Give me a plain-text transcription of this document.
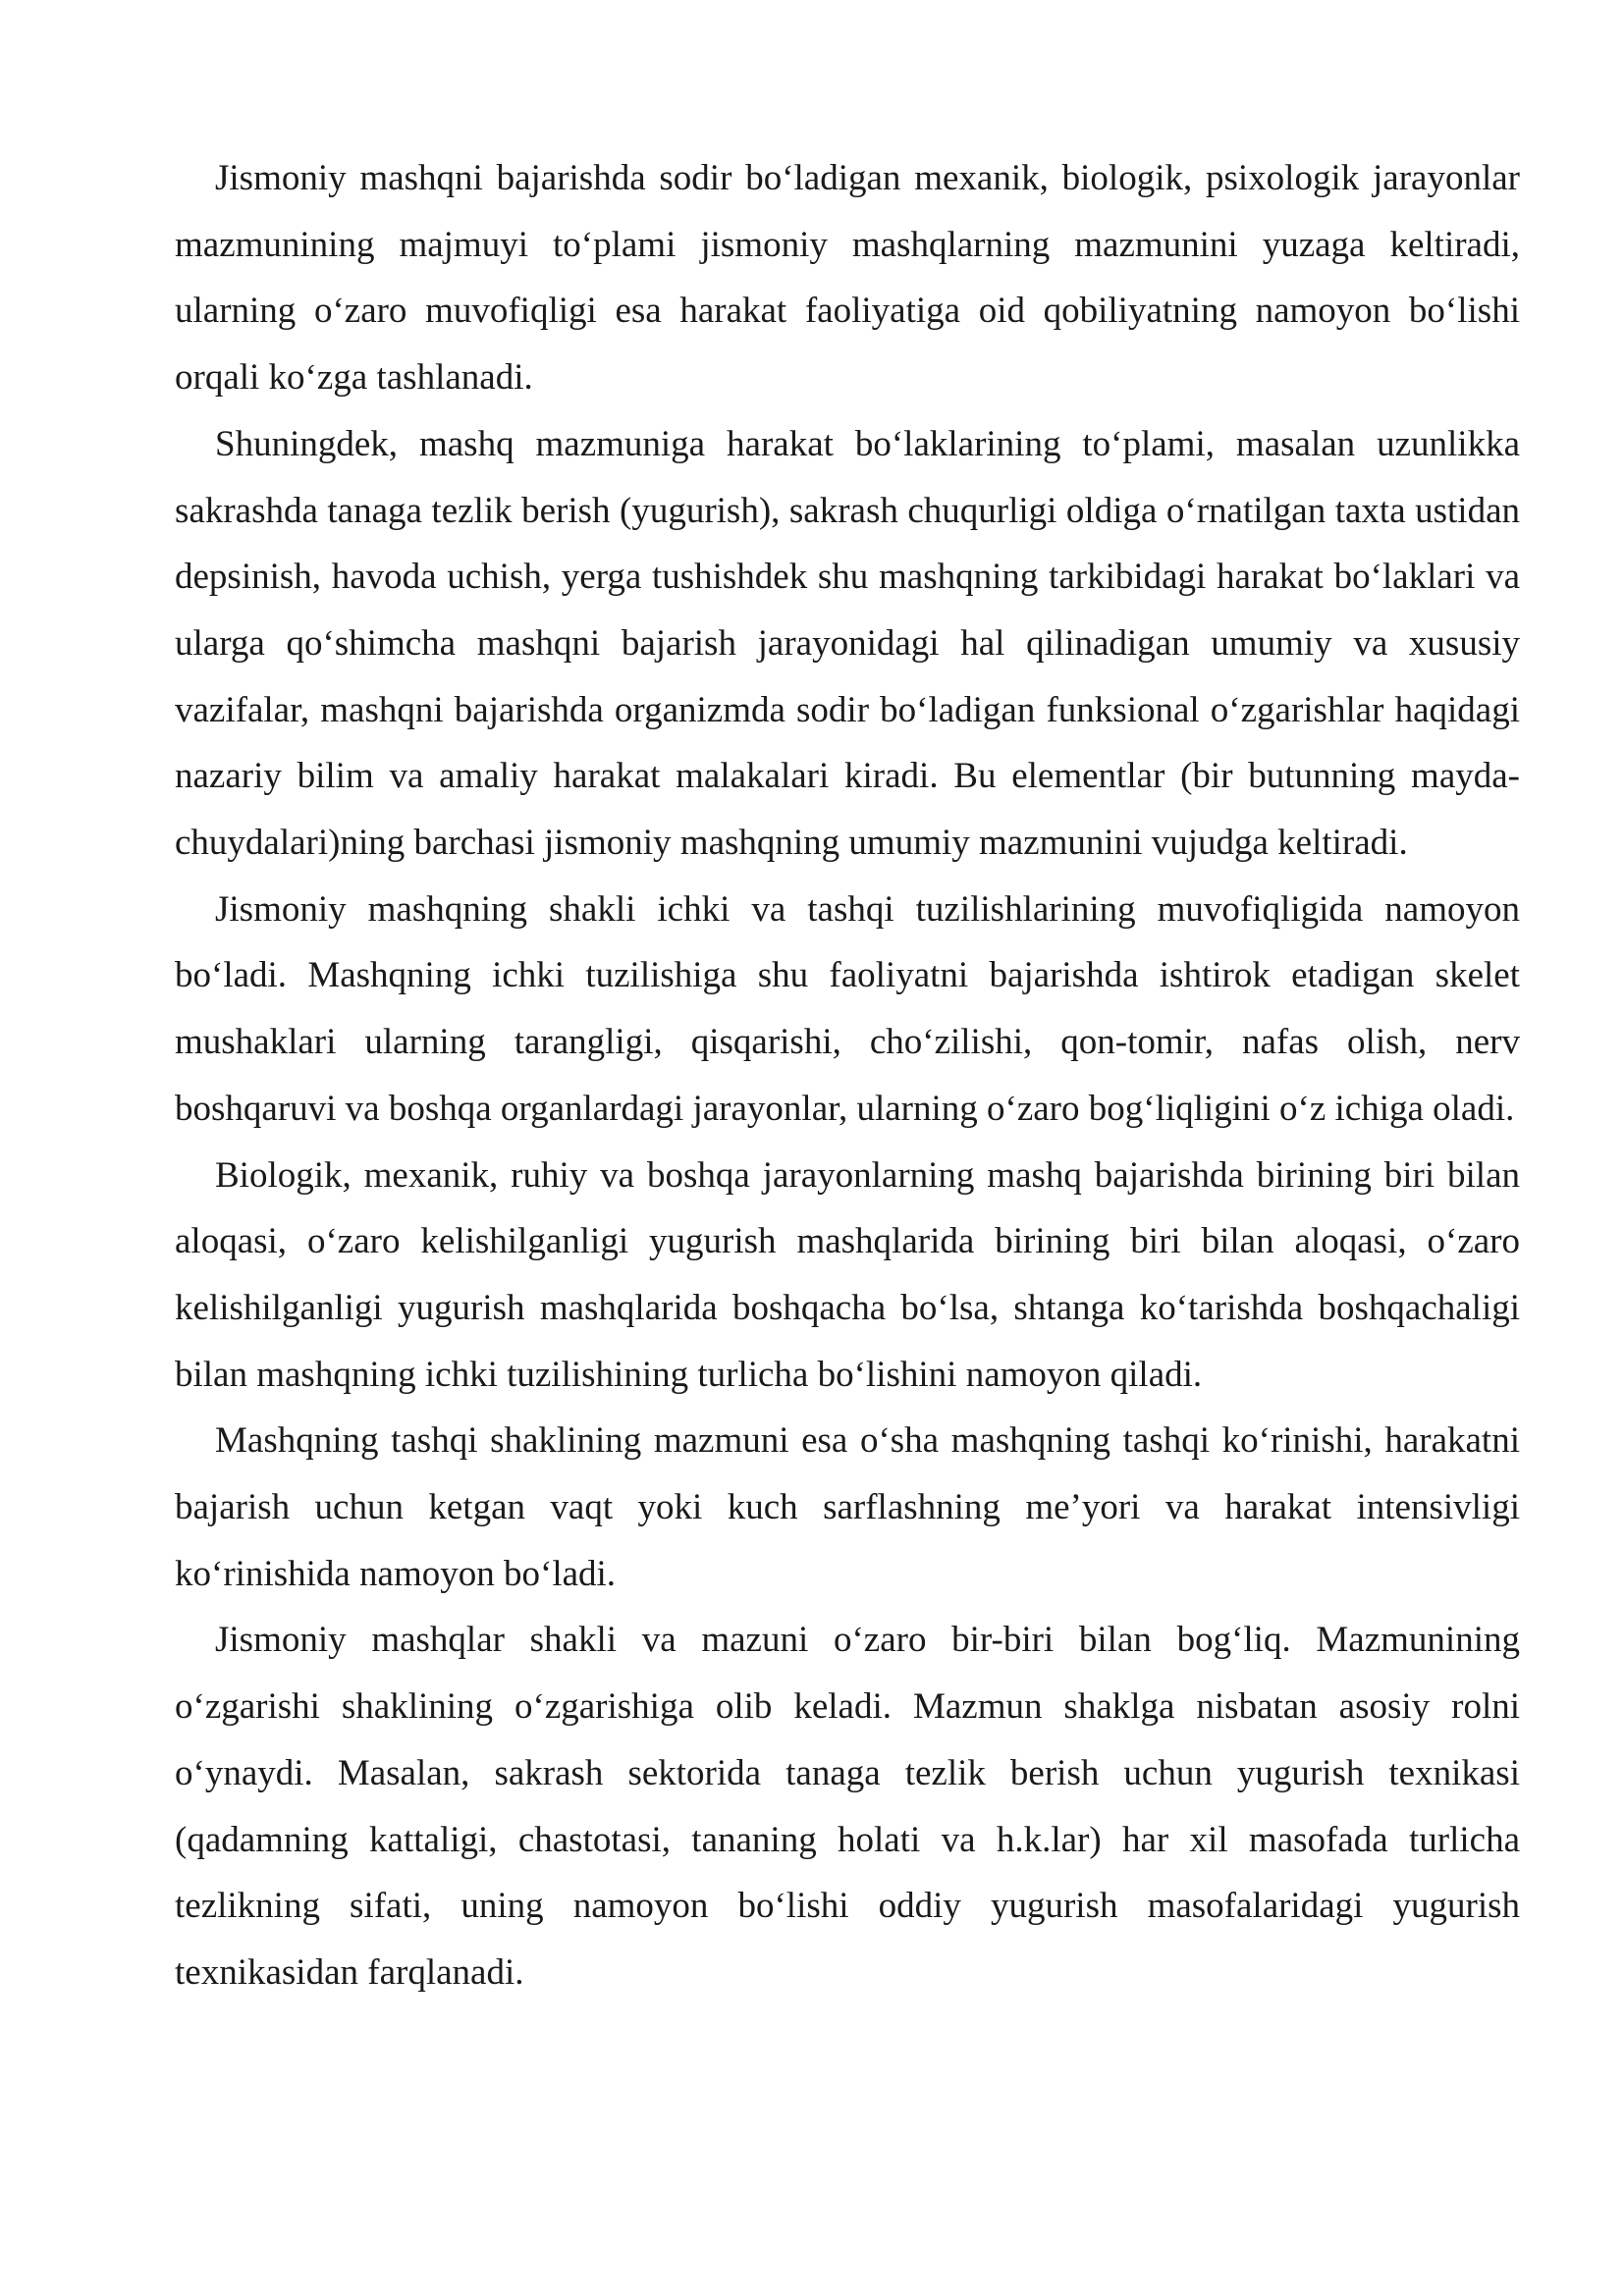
Jismoniy mashqni bajarishda sodir bo‘ladigan mexanik, biologik, psixologik jarayonlar mazmunining majmuyi to‘plami jismoniy mashqlarning mazmunini yuzaga keltiradi, ularning o‘zaro muvofiqligi esa harakat faoliyatiga oid qobiliyatning namoyon bo‘lishi orqali ko‘zga tashlanadi.

Shuningdek, mashq mazmuniga harakat bo‘laklarining to‘plami, masalan uzunlikka sakrashda tanaga tezlik berish (yugurish), sakrash chuqurligi oldiga o‘rnatilgan taxta ustidan depsinish, havoda uchish, yerga tushishdek shu mashqning tarkibidagi harakat bo‘laklari va ularga qo‘shimcha mashqni bajarish jarayonidagi hal qilinadigan umumiy va xususiy vazifalar, mashqni bajarishda organizmda sodir bo‘ladigan funksional o‘zgarishlar haqidagi nazariy bilim va amaliy harakat malakalari kiradi. Bu elementlar (bir butunning mayda-chuydalari)ning barchasi jismoniy mashqning umumiy mazmunini vujudga keltiradi.

Jismoniy mashqning shakli ichki va tashqi tuzilishlarining muvofiqligida namoyon bo‘ladi. Mashqning ichki tuzilishiga shu faoliyatni bajarishda ishtirok etadigan skelet mushaklari ularning tarangligi, qisqarishi, cho‘zilishi, qon-tomir, nafas olish, nerv boshqaruvi va boshqa organlardagi jarayonlar, ularning o‘zaro bog‘liqligini o‘z ichiga oladi.

Biologik, mexanik, ruhiy va boshqa jarayonlarning mashq bajarishda birining biri bilan aloqasi, o‘zaro kelishilganligi yugurish mashqlarida birining biri bilan aloqasi, o‘zaro kelishilganligi yugurish mashqlarida boshqacha bo‘lsa, shtanga ko‘tarishda boshqachaligi bilan mashqning ichki tuzilishining turlicha bo‘lishini namoyon qiladi.

Mashqning tashqi shaklining mazmuni esa o‘sha mashqning tashqi ko‘rinishi, harakatni bajarish uchun ketgan vaqt yoki kuch sarflashning me’yori va harakat intensivligi ko‘rinishida namoyon bo‘ladi.

Jismoniy mashqlar shakli va mazuni o‘zaro bir-biri bilan bog‘liq. Mazmunining o‘zgarishi shaklining o‘zgarishiga olib keladi. Mazmun shaklga nisbatan asosiy rolni o‘ynaydi. Masalan, sakrash sektorida tanaga tezlik berish uchun yugurish texnikasi (qadamning kattaligi, chastotasi, tananing holati va h.k.lar) har xil masofada turlicha tezlikning sifati, uning namoyon bo‘lishi oddiy yugurish masofalaridagi yugurish texnikasidan farqlanadi.
